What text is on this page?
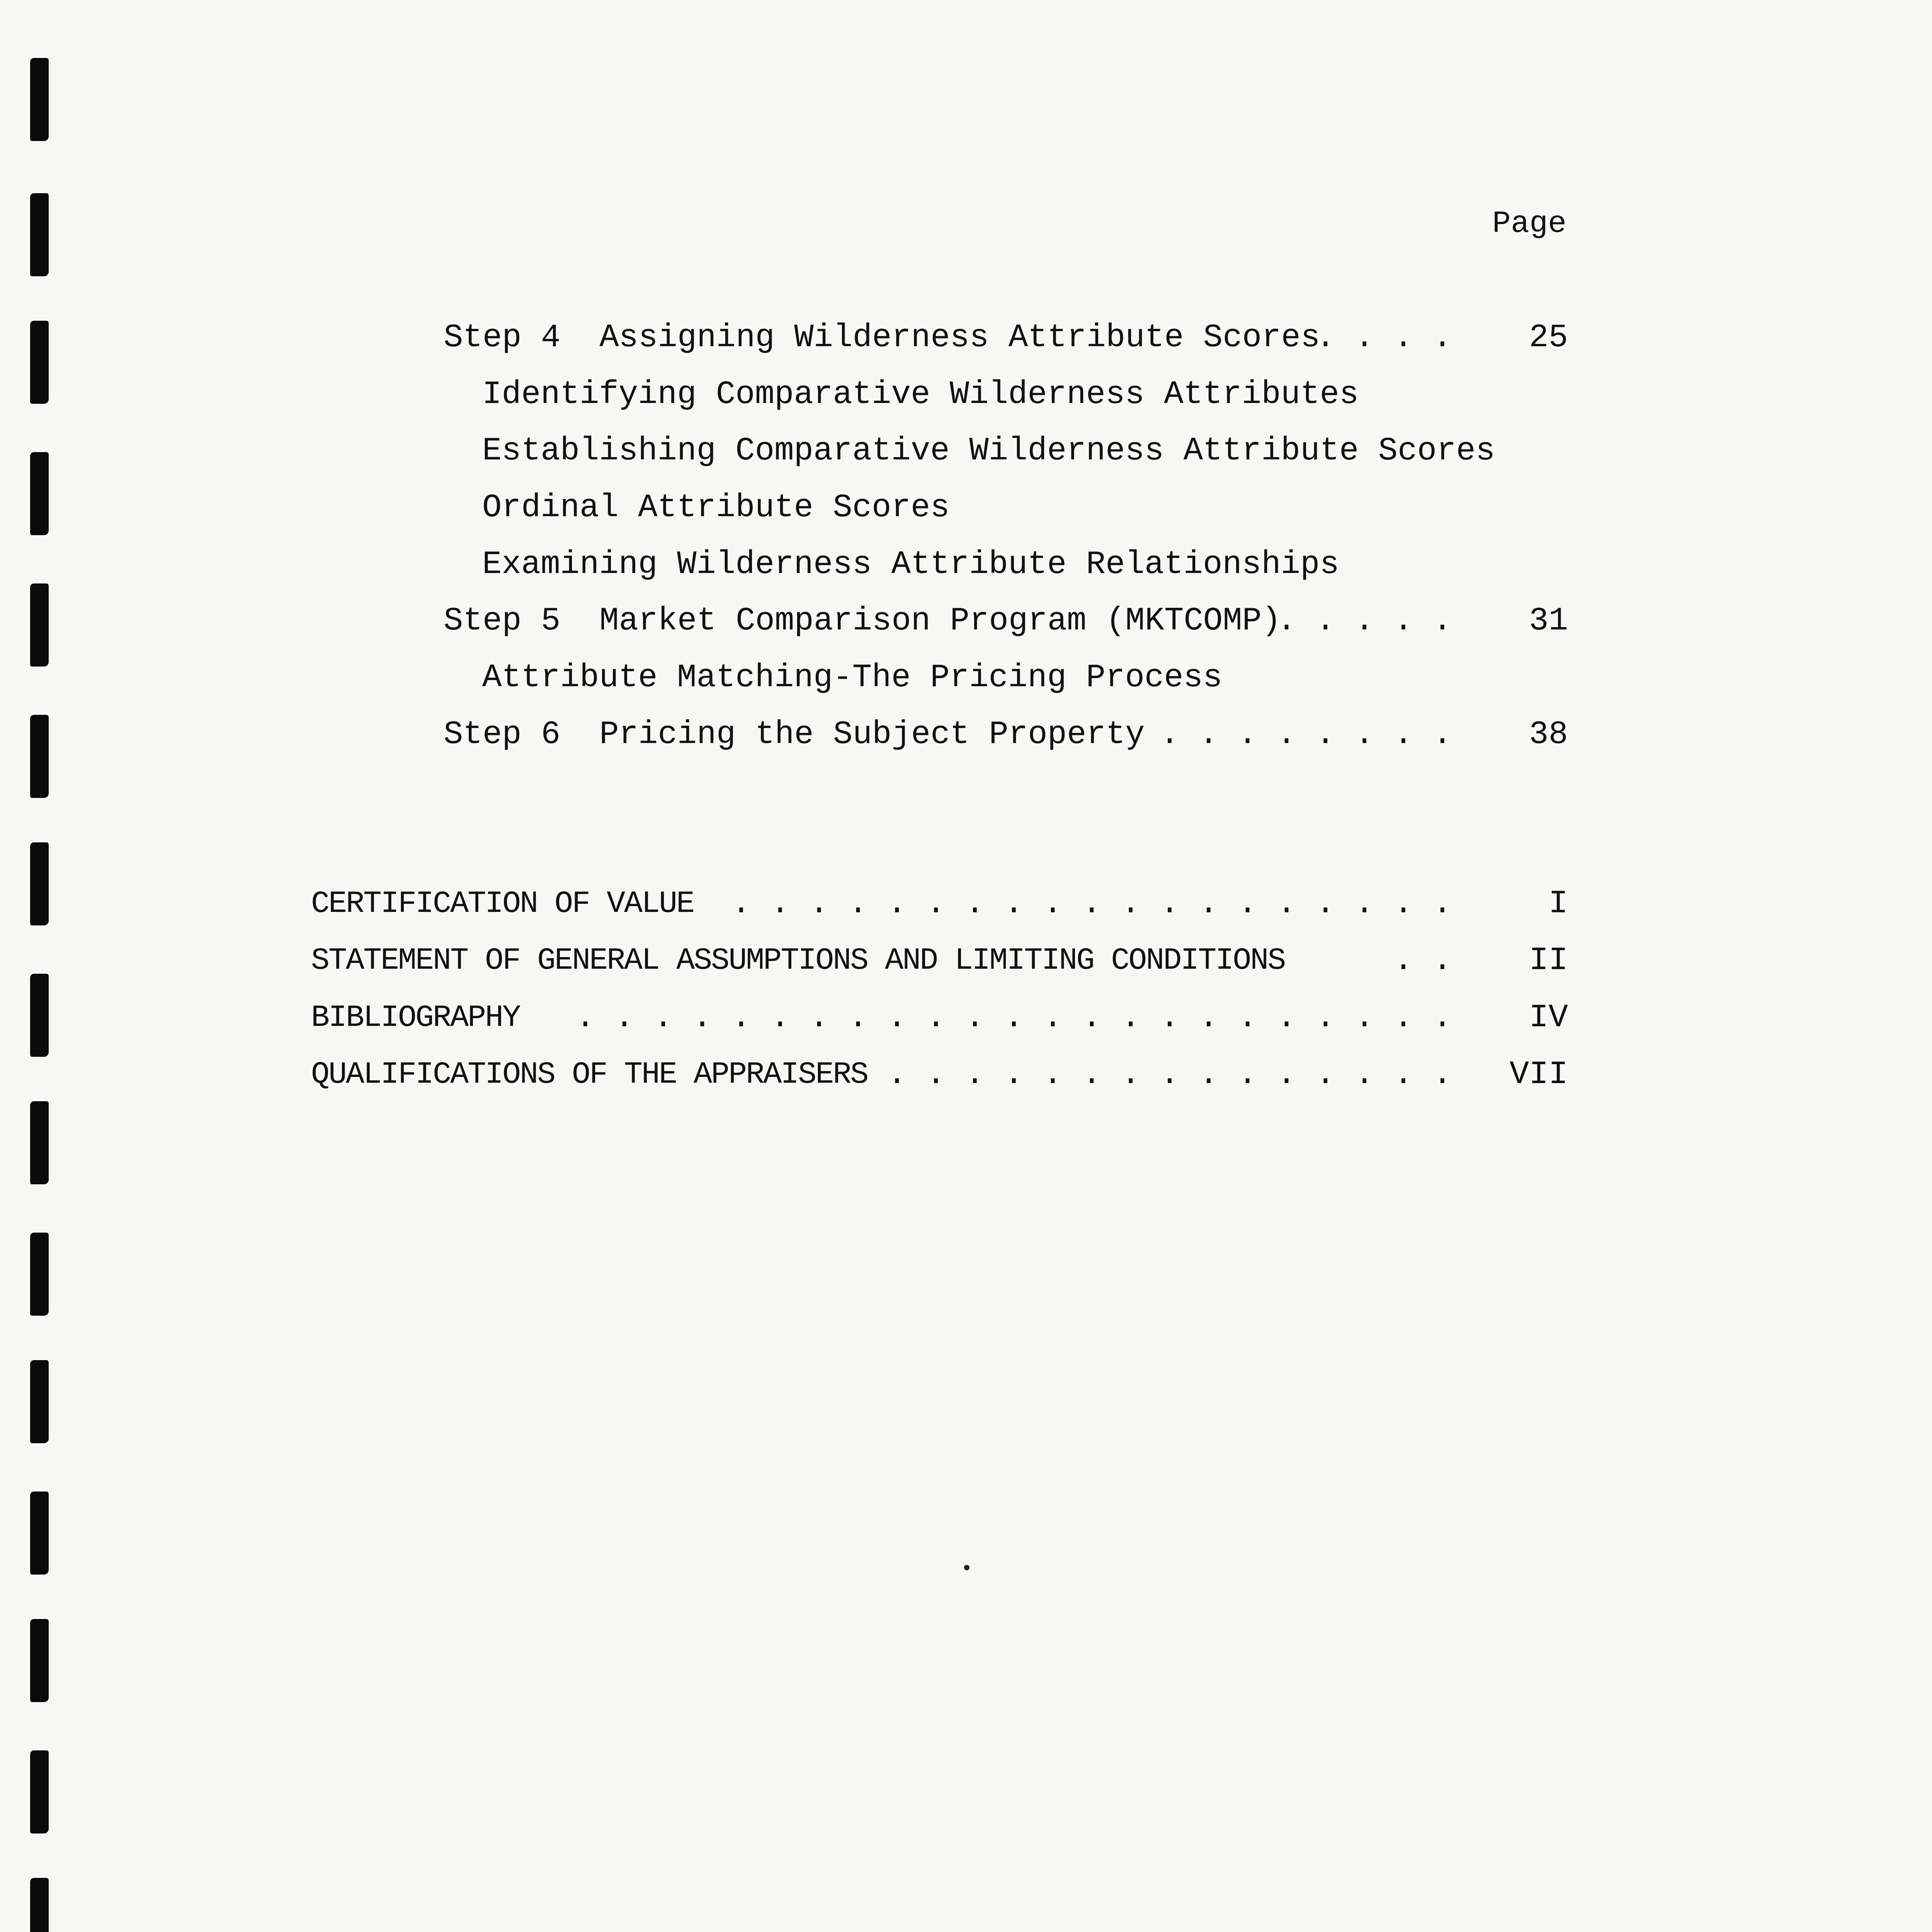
Page
Step 4  Assigning Wilderness Attribute Scores
. . . . 25
Identifying Comparative Wilderness Attributes
Establishing Comparative Wilderness Attribute Scores
Ordinal Attribute Scores
Examining Wilderness Attribute Relationships
Step 5  Market Comparison Program (MKTCOMP)
. . . . . 31
Attribute Matching-The Pricing Process
Step 6  Pricing the Subject Property . . . . . . . . 38
CERTIFICATION OF VALUE . . . . . . . . . . . . . . . . . . .	I
STATEMENT OF GENERAL ASSUMPTIONS AND LIMITING CONDITIONS	. . II
BIBLIOGRAPHY . . . . . . . . . . . . . . . . . . . . . . . IV
QUALIFICATIONS OF THE APPRAISERS . . . . . . . . . . . . . . . VII
